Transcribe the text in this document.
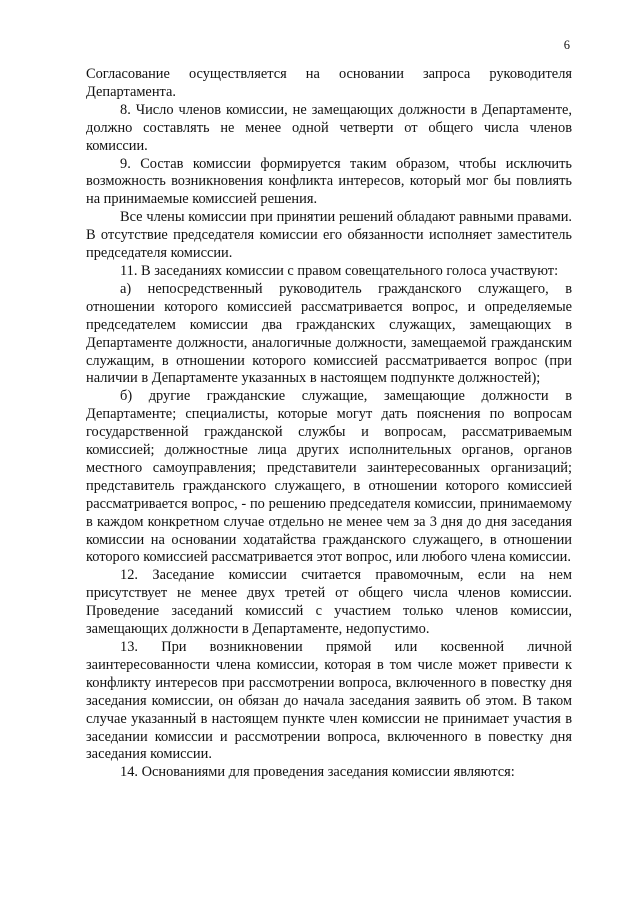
6

Согласование осуществляется на основании запроса руководителя Департамента.

8. Число членов комиссии, не замещающих должности в Департаменте, должно составлять не менее одной четверти от общего числа членов комиссии.

9. Состав комиссии формируется таким образом, чтобы исключить возможность возникновения конфликта интересов, который мог бы повлиять на принимаемые комиссией решения.

Все члены комиссии при принятии решений обладают равными правами. В отсутствие председателя комиссии его обязанности исполняет заместитель председателя комиссии.

11. В заседаниях комиссии с правом совещательного голоса участвуют:

а) непосредственный руководитель гражданского служащего, в отношении которого комиссией рассматривается вопрос, и определяемые председателем комиссии два гражданских служащих, замещающих в Департаменте должности, аналогичные должности, замещаемой гражданским служащим, в отношении которого комиссией рассматривается вопрос (при наличии в Департаменте указанных в настоящем подпункте должностей);

б) другие гражданские служащие, замещающие должности в Департаменте; специалисты, которые могут дать пояснения по вопросам государственной гражданской службы и вопросам, рассматриваемым комиссией; должностные лица других исполнительных органов, органов местного самоуправления; представители заинтересованных организаций; представитель гражданского служащего, в отношении которого комиссией рассматривается вопрос, - по решению председателя комиссии, принимаемому в каждом конкретном случае отдельно не менее чем за 3 дня до дня заседания комиссии на основании ходатайства гражданского служащего, в отношении которого комиссией рассматривается этот вопрос, или любого члена комиссии.

12. Заседание комиссии считается правомочным, если на нем присутствует не менее двух третей от общего числа членов комиссии. Проведение заседаний комиссий с участием только членов комиссии, замещающих должности в Департаменте, недопустимо.

13. При возникновении прямой или косвенной личной заинтересованности члена комиссии, которая в том числе может привести к конфликту интересов при рассмотрении вопроса, включенного в повестку дня заседания комиссии, он обязан до начала заседания заявить об этом. В таком случае указанный в настоящем пункте член комиссии не принимает участия в заседании комиссии и рассмотрении вопроса, включенного в повестку дня заседания комиссии.

14. Основаниями для проведения заседания комиссии являются:
